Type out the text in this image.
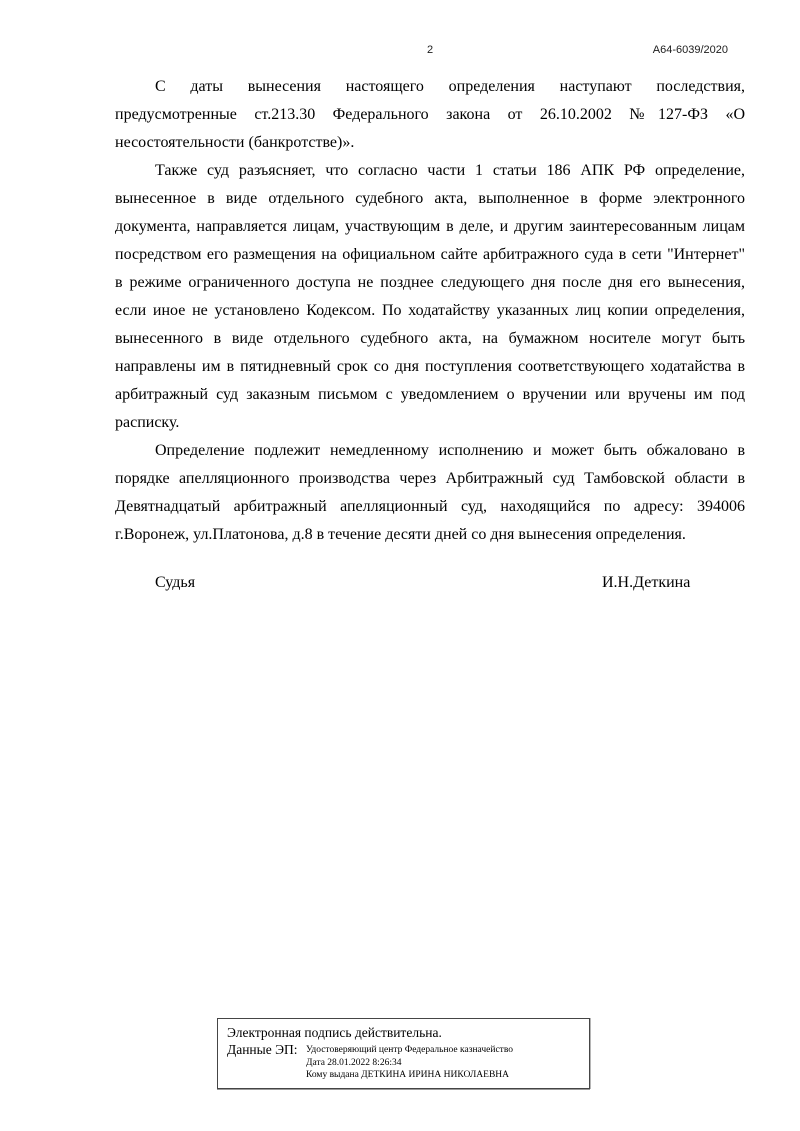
2	А64-6039/2020
С даты вынесения настоящего определения наступают последствия,
предусмотренные ст.213.30 Федерального закона от 26.10.2002 №127-ФЗ «О
несостоятельности (банкротстве)».
Также суд разъясняет, что согласно части 1 статьи 186 АПК РФ определение,
вынесенное в виде отдельного судебного акта, выполненное в форме электронного
документа, направляется лицам, участвующим в деле, и другим заинтересованным лицам
посредством его размещения на официальном сайте арбитражного суда в сети "Интернет"
в режиме ограниченного доступа не позднее следующего дня после дня его вынесения,
если иное не установлено Кодексом. По ходатайству указанных лиц копии определения,
вынесенного в виде отдельного судебного акта, на бумажном носителе могут быть
направлены им в пятидневный срок со дня поступления соответствующего ходатайства в
арбитражный суд заказным письмом с уведомлением о вручении или вручены им под
расписку.
Определение подлежит немедленному исполнению и может быть обжаловано в
порядке апелляционного производства через Арбитражный суд Тамбовской области в
Девятнадцатый арбитражный апелляционный суд, находящийся по адресу: 394006
г.Воронеж, ул.Платонова, д.8 в течение десяти дней со дня вынесения определения.
Судья	И.Н.Деткина
Электронная подпись действительна.
Данные ЭП: Удостоверяющий центр Федеральное казначейство
Дата 28.01.2022 8:26:34
Кому выдана ДЕТКИНА ИРИНА НИКОЛАЕВНА
